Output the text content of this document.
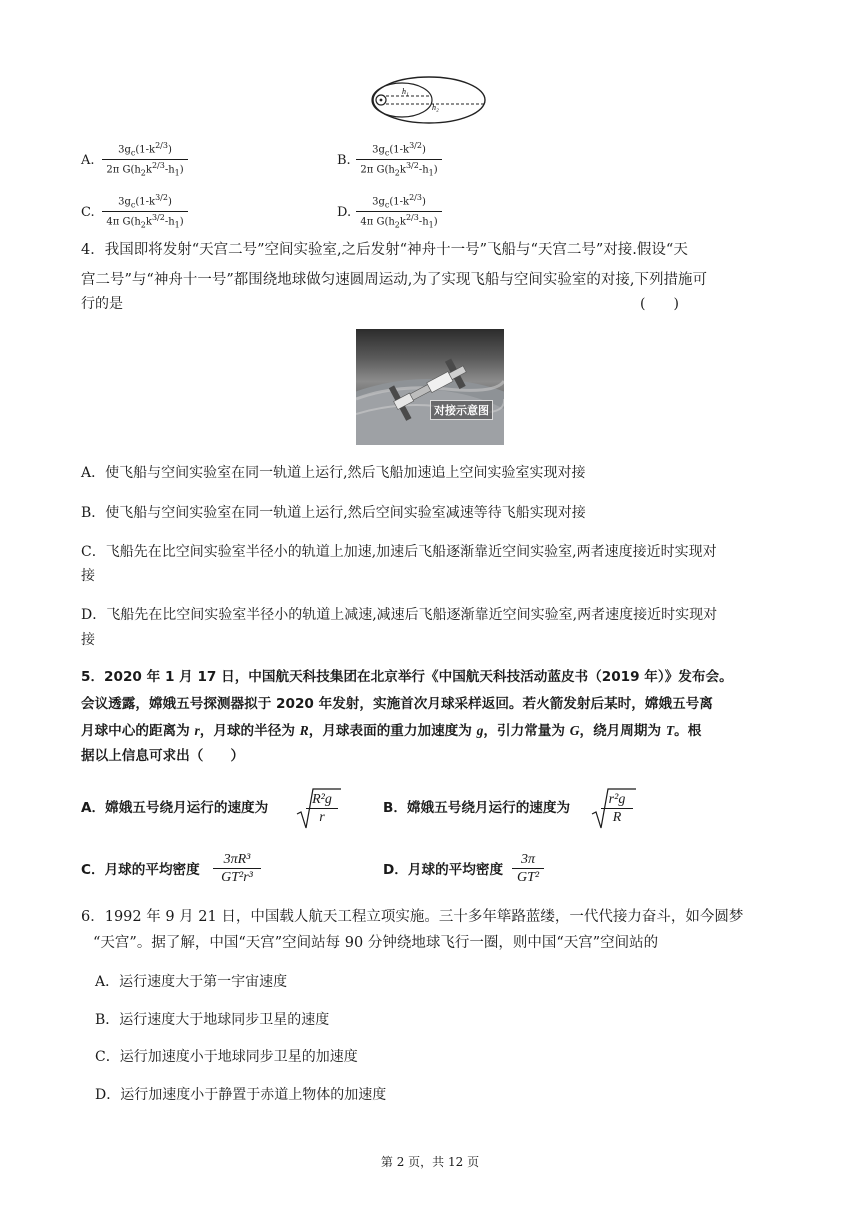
h₁
h₂
A. $\frac{3g_c(1-k^{2/3})}{2\pi G(h_2k^{2/3}-h_1)}$	B. $\frac{3g_c(1-k^{3/2})}{2\pi G(h_2k^{3/2}-h_1)}$
C. $\frac{3g_c(1-k^{3/2})}{4\pi G(h_2k^{3/2}-h_1)}$	D. $\frac{3g_c(1-k^{2/3})}{4\pi G(h_2k^{2/3}-h_1)}$
4．我国即将发射“天宫二号”空间实验室,之后发射“神舟十一号”飞船与“天宫二号”对接.假设“天
宫二号”与“神舟十一号”都围绕地球做匀速圆周运动,为了实现飞船与空间实验室的对接,下列措施可
行的是	(　　)
对接示意图
A．使飞船与空间实验室在同一轨道上运行,然后飞船加速追上空间实验室实现对接
B．使飞船与空间实验室在同一轨道上运行,然后空间实验室减速等待飞船实现对接
C．飞船先在比空间实验室半径小的轨道上加速,加速后飞船逐渐靠近空间实验室,两者速度接近时实现对
接
D．飞船先在比空间实验室半径小的轨道上减速,减速后飞船逐渐靠近空间实验室,两者速度接近时实现对
接
5．2020 年 1 月 17 日，中国航天科技集团在北京举行《中国航天科技活动蓝皮书（2019 年）》发布会。
会议透露，嫦娥五号探测器拟于 2020 年发射，实施首次月球采样返回。若火箭发射后某时，嫦娥五号离
月球中心的距离为 r，月球的半径为 R，月球表面的重力加速度为 g，引力常量为 G，绕月周期为 T。根
据以上信息可求出（　　）
A．嫦娥五号绕月运行的速度为	$\frac{\text{R²g}}{r}$	B．嫦娥五号绕月运行的速度为 $\frac{\text{r²g}}{R}$
C．月球的平均密度 $\frac{\text{3πR³}}{\text{GT²r³}}$	D．月球的平均密度 $\frac{3\pi}{\text{GT²}}$
6．1992 年 9 月 21 日，中国载人航天工程立项实施。三十多年筚路蓝缕，一代代接力奋斗，如今圆梦
“天宫”。据了解，中国“天宫”空间站每 90 分钟绕地球飞行一圈，则中国“天宫”空间站的
A．运行速度大于第一宇宙速度
B．运行速度大于地球同步卫星的速度
C．运行加速度小于地球同步卫星的加速度
D．运行加速度小于静置于赤道上物体的加速度
第 2 页，共 12 页
